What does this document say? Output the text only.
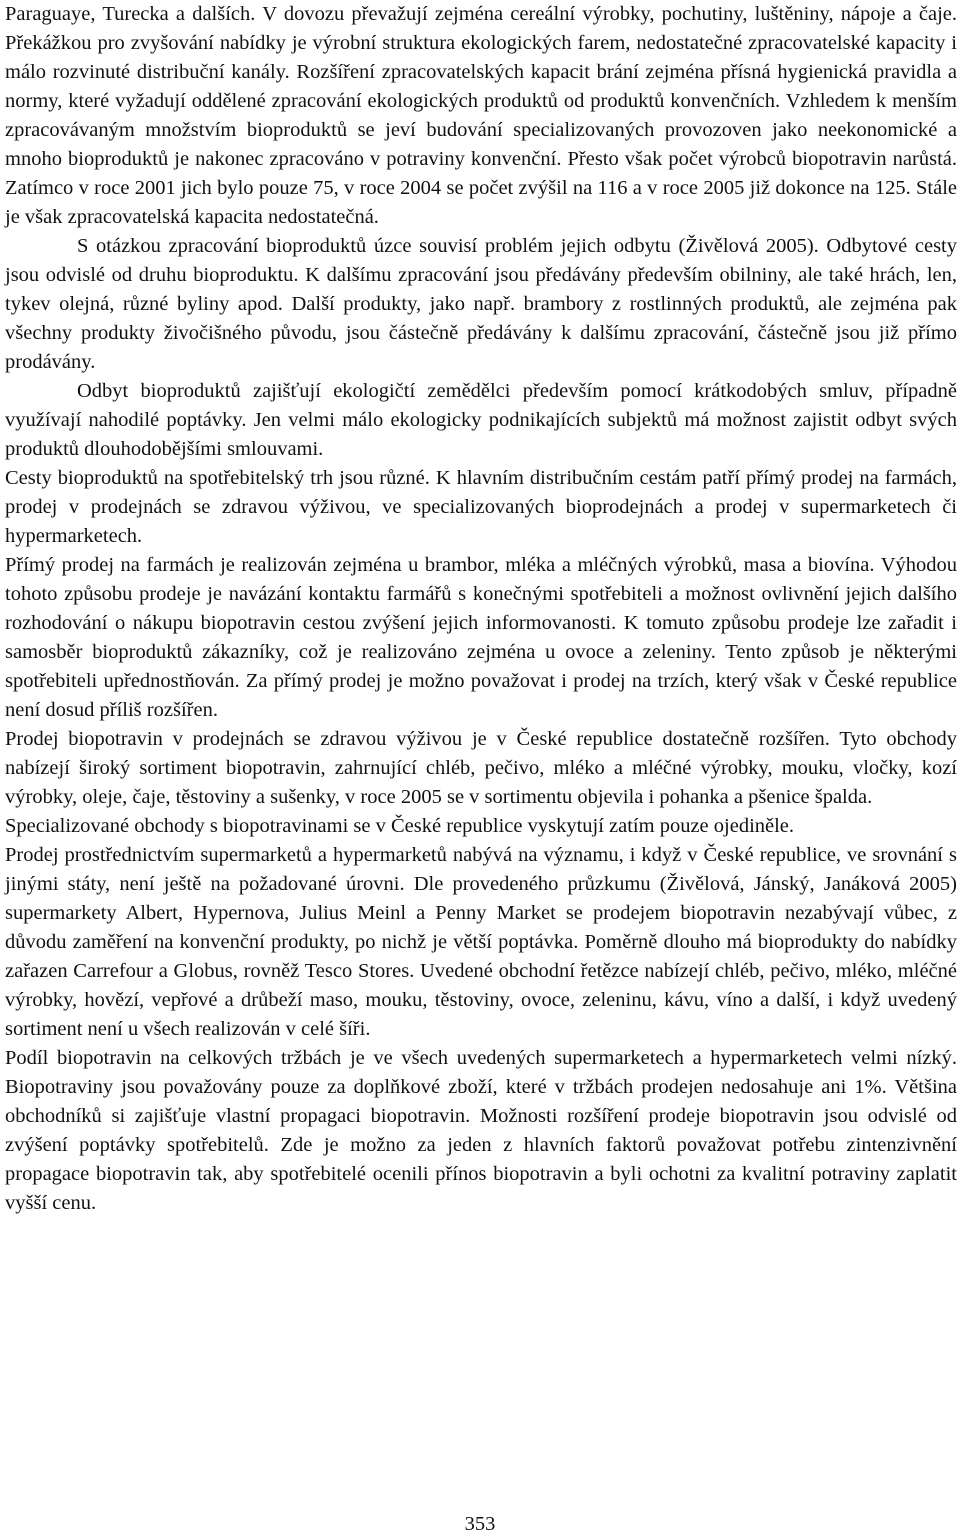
Paraguaye, Turecka a dalších. V dovozu převažují zejména cereální výrobky, pochutiny, luštěniny, nápoje a čaje. Překážkou pro zvyšování nabídky je výrobní struktura ekologických farem, nedostatečné zpracovatelské kapacity i málo rozvinuté distribuční kanály. Rozšíření zpracovatelských kapacit brání zejména přísná hygienická pravidla a normy, které vyžadují oddělené zpracování ekologických produktů od produktů konvenčních. Vzhledem k menším zpracovávaným množstvím bioproduktů se jeví budování specializovaných provozoven jako neekonomické a mnoho bioproduktů je nakonec zpracováno v potraviny konvenční. Přesto však počet výrobců biopotravin narůstá. Zatímco v roce 2001 jich bylo pouze 75, v roce 2004 se počet zvýšil na 116 a v roce 2005 již dokonce na 125. Stále je však zpracovatelská kapacita nedostatečná.

S otázkou zpracování bioproduktů úzce souvisí problém jejich odbytu (Živělová 2005). Odbytové cesty jsou odvislé od druhu bioproduktu. K dalšímu zpracování jsou předávány především obilniny, ale také hrách, len, tykev olejná, různé byliny apod. Další produkty, jako např. brambory z rostlinných produktů, ale zejména pak všechny produkty živočišného původu, jsou částečně předávány k dalšímu zpracování, částečně jsou již přímo prodávány.

Odbyt bioproduktů zajišťují ekologičtí zemědělci především pomocí krátkodobých smluv, případně využívají nahodilé poptávky. Jen velmi málo ekologicky podnikajících subjektů má možnost zajistit odbyt svých produktů dlouhodobějšími smlouvami.

Cesty bioproduktů na spotřebitelský trh jsou různé. K hlavním distribučním cestám patří přímý prodej na farmách, prodej v prodejnách se zdravou výživou, ve specializovaných bioprodejnách a prodej v supermarketech či hypermarketech.

Přímý prodej na farmách je realizován zejména u brambor, mléka a mléčných výrobků, masa a biovína. Výhodou tohoto způsobu prodeje je navázání kontaktu farmářů s konečnými spotřebiteli a možnost ovlivnění jejich dalšího rozhodování o nákupu biopotravin cestou zvýšení jejich informovanosti. K tomuto způsobu prodeje lze zařadit i samosběr bioproduktů zákazníky, což je realizováno zejména u ovoce a zeleniny. Tento způsob je některými spotřebiteli upřednostňován. Za přímý prodej je možno považovat i prodej na trzích, který však v České republice není dosud příliš rozšířen.

Prodej biopotravin v prodejnách se zdravou výživou je v České republice dostatečně rozšířen. Tyto obchody nabízejí široký sortiment biopotravin, zahrnující chléb, pečivo, mléko a mléčné výrobky, mouku, vločky, kozí výrobky, oleje, čaje, těstoviny a sušenky, v roce 2005 se v sortimentu objevila i pohanka a pšenice špalda.

Specializované obchody s biopotravinami se v České republice vyskytují zatím pouze ojediněle.

Prodej prostřednictvím supermarketů a hypermarketů nabývá na významu, i když v České republice, ve srovnání s jinými státy, není ještě na požadované úrovni. Dle provedeného průzkumu (Živělová, Jánský, Janáková 2005) supermarkety Albert, Hypernova, Julius Meinl a Penny Market se prodejem biopotravin nezabývají vůbec, z důvodu zaměření na konvenční produkty, po nichž je větší poptávka. Poměrně dlouho má bioprodukty do nabídky zařazen Carrefour a Globus, rovněž Tesco Stores. Uvedené obchodní řetězce nabízejí chléb, pečivo, mléko, mléčné výrobky, hovězí, vepřové a drůbeží maso, mouku, těstoviny, ovoce, zeleninu, kávu, víno a další, i když uvedený sortiment není u všech realizován v celé šíři.

Podíl biopotravin na celkových tržbách je ve všech uvedených supermarketech a hypermarketech velmi nízký. Biopotraviny jsou považovány pouze za doplňkové zboží, které v tržbách prodejen nedosahuje ani 1%. Většina obchodníků si zajišťuje vlastní propagaci biopotravin. Možnosti rozšíření prodeje biopotravin jsou odvislé od zvýšení poptávky spotřebitelů. Zde je možno za jeden z hlavních faktorů považovat potřebu zintenzivnění propagace biopotravin tak, aby spotřebitelé ocenili přínos biopotravin a byli ochotni za kvalitní potraviny zaplatit vyšší cenu.

353
